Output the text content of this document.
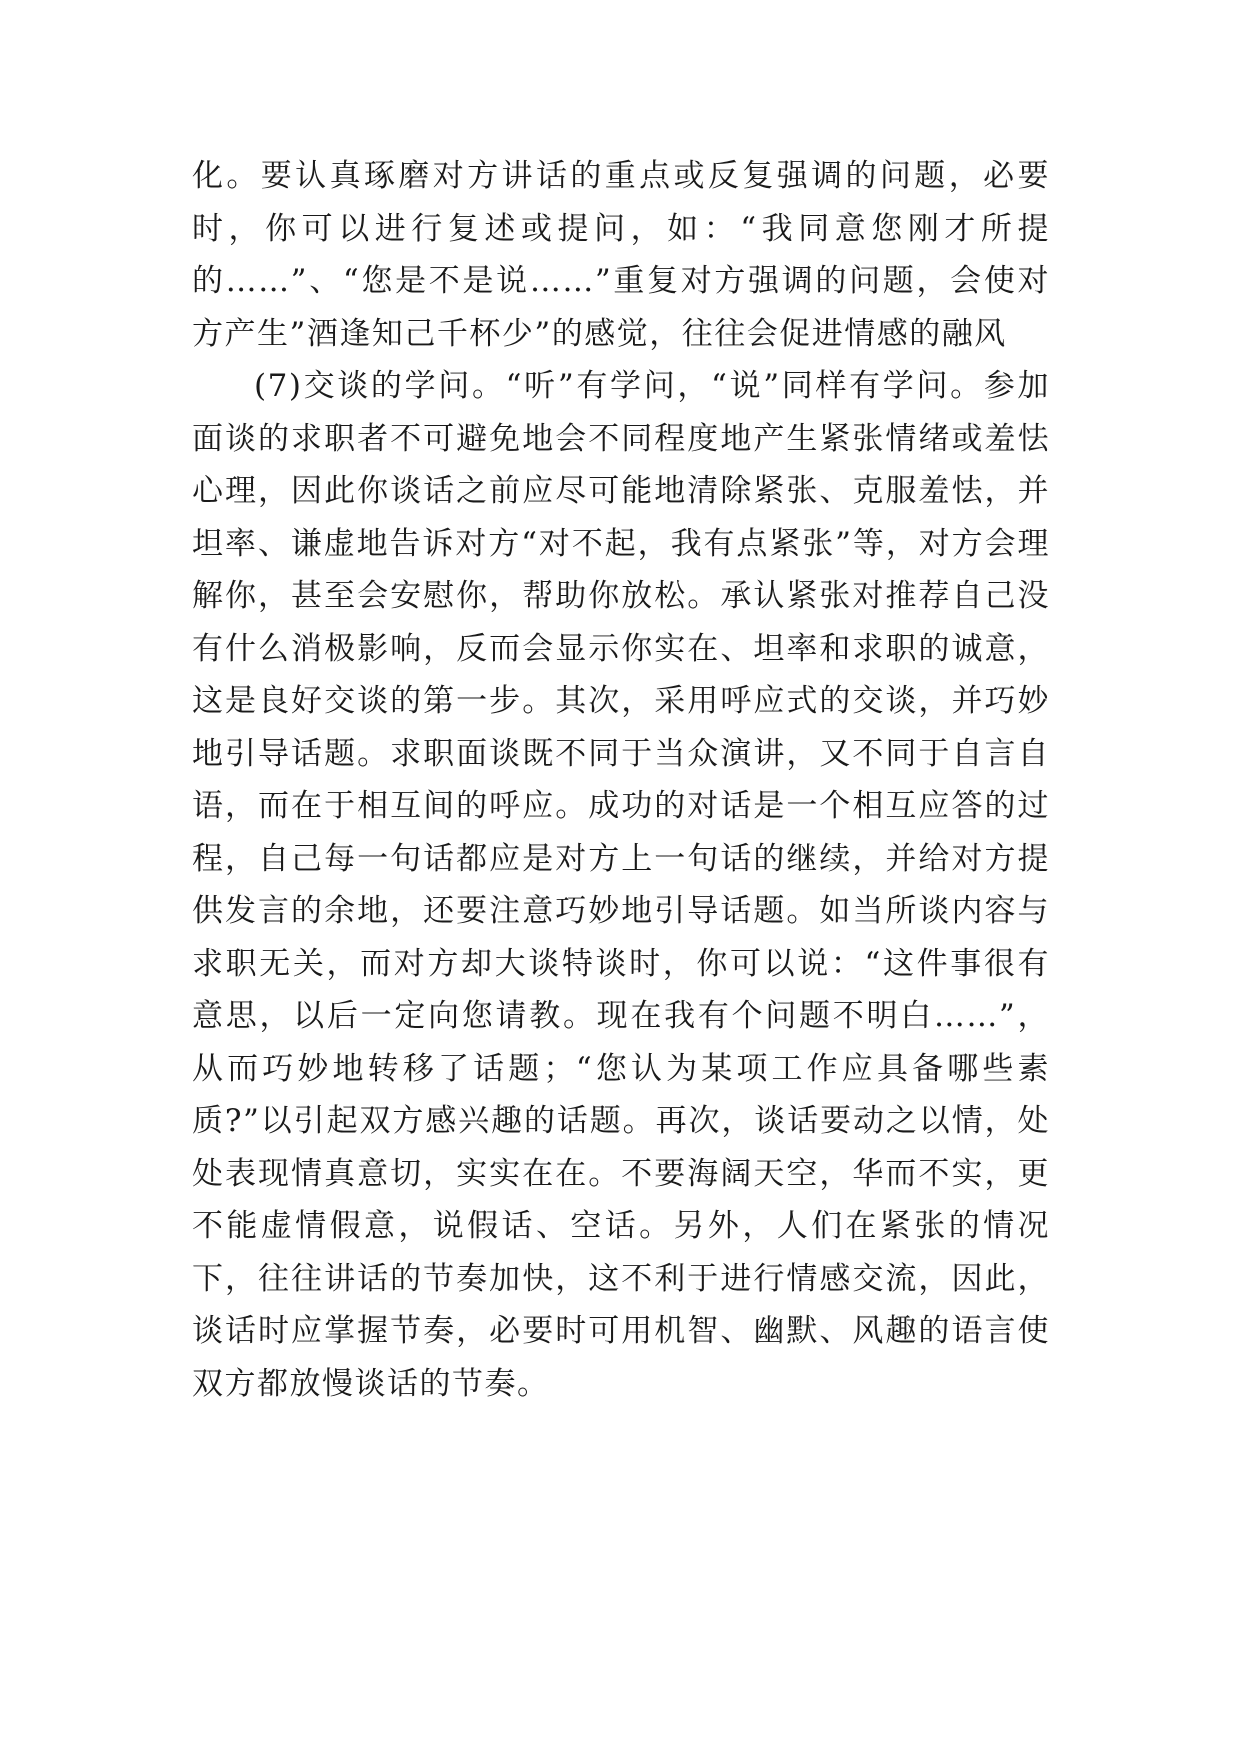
化。要认真琢磨对方讲话的重点或反复强调的问题，必要时，你可以进行复述或提问，如：“我同意您刚才所提的……”、“您是不是说……”重复对方强调的问题，会使对方产生”酒逢知己千杯少”的感觉，往往会促进情感的融风

(7)交谈的学问。“听”有学问，“说”同样有学问。参加面谈的求职者不可避免地会不同程度地产生紧张情绪或羞怯心理，因此你谈话之前应尽可能地清除紧张、克服羞怯，并坦率、谦虚地告诉对方“对不起，我有点紧张”等，对方会理解你，甚至会安慰你，帮助你放松。承认紧张对推荐自己没有什么消极影响，反而会显示你实在、坦率和求职的诚意，这是良好交谈的第一步。其次，采用呼应式的交谈，并巧妙地引导话题。求职面谈既不同于当众演讲，又不同于自言自语，而在于相互间的呼应。成功的对话是一个相互应答的过程，自己每一句话都应是对方上一句话的继续，并给对方提供发言的余地，还要注意巧妙地引导话题。如当所谈内容与求职无关，而对方却大谈特谈时，你可以说：“这件事很有意思，以后一定向您请教。现在我有个问题不明白……”，从而巧妙地转移了话题；“您认为某项工作应具备哪些素质?”以引起双方感兴趣的话题。再次，谈话要动之以情，处处表现情真意切，实实在在。不要海阔天空，华而不实，更不能虚情假意，说假话、空话。另外，人们在紧张的情况下，往往讲话的节奏加快，这不利于进行情感交流，因此，谈话时应掌握节奏，必要时可用机智、幽默、风趣的语言使双方都放慢谈话的节奏。
